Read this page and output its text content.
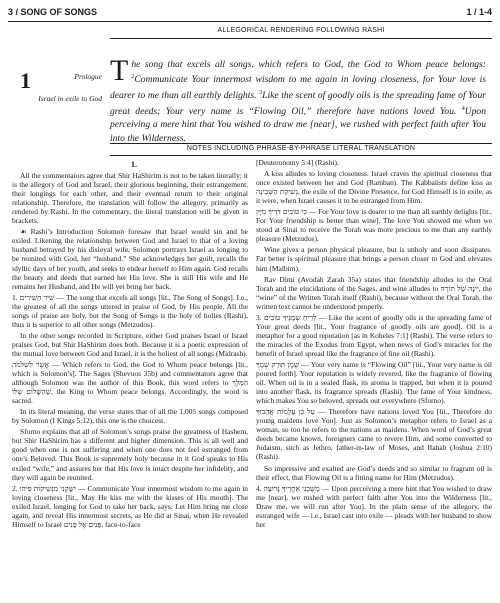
3 / SONG OF SONGS	1 / 1-4
ALLEGORICAL RENDERING FOLLOWING RASHI
1	Prologue
Israel in exile to God
The song that excels all songs, which refers to God, the God to Whom peace belongs: $^2$Communicate Your innermost wisdom to me again in loving closeness, for Your love is dearer to me than all earthly delights. $^3$Like the scent of goodly oils is the spreading fame of Your great deeds; Your very name is “Flowing Oil,” therefore have nations loved You. $^4$Upon perceiving a mere hint that You wished to draw me [near], we rushed with perfect faith after You into the Wilderness.
NOTES INCLUDING PHRASE-BY-PHRASE LITERAL TRANSLATION

1.

All the commentators agree that Shir HaShirim is not to be taken literally; it is the allegory of God and Israel, their glorious beginning, their estrangement, their longings for each other, and their eventual return to their original relationship. Therefore, the translation will follow the allegory, primarily as rendered by Rashi. In the commentary, the literal translation will be given in brackets.

☙ Rashi’s Introduction Solomon foresaw that Israel would sin and be exiled. Likening the relationship between God and Israel to that of a loving husband betrayed by his disloyal wife, Solomon portrays Israel as longing to be reunited with God, her “husband.” She acknowledges her guilt, recalls the idyllic days of her youth, and seeks to endear herself to Him again. God recalls the beauty and deeds that earned her His love. She is still His wife and He remains her Husband, and He will yet bring her back.

1. שִׁיר הַשִּׁירִים — The song that excels all songs [lit., The Song of Songs]. I.e., the greatest of all the songs uttered in praise of God, by His people. All the songs of praise are holy, but the Song of Songs is the holy of holies (Rashi), thus it is superior to all other songs (Metzudos).

In the other songs recorded in Scripture, either God praises Israel or Israel praises God, but Shir HaShirim does both. Because it is a poetic expression of the mutual love between God and Israel, it is the holiest of all songs (Midrash).

אֲשֶׁר לִשְׁלֹמֹה — Which refers to God, the God to Whom peace belongs [lit., which is Solomon’s]. The Sages (Shevuos 35b) and commentators agree that although Solomon was the author of this Book, this word refers to הַמֶּלֶךְ שֶׁהַשָּׁלוֹם שֶׁלּוֹ, the King to Whom peace belongs. Accordingly, the word is sacred.

In its literal meaning, the verse states that of all the 1,005 songs composed by Solomon (I Kings 5:12), this one is the choicest.

Sforno explains that all of Solomon’s songs praise the greatness of Hashem, but Shir HaShirim has a different and higher dimension. This is all well and good when one is not suffering and when one does not feel estranged from one’s Beloved. This Book is supremely holy because in it God speaks to His exiled “wife,” and assures her that His love is intact despite her infidelity, and they will again be reunited.

2. יִשָּׁקֵנִי מִנְּשִׁיקוֹת פִּיהוּ — Communicate Your innermost wisdom to me again in loving closeness [lit., May He kiss me with the kisses of His mouth]. The exiled Israel, longing for God to take her back, says: Let Him bring me close again, and reveal His innermost secrets, as He did at Sinai, when He revealed Himself to Israel פָּנִים אֶל פָּנִים, face-to-face

[Deuteronomy 5:4] (Rashi).

A kiss alludes to loving closeness. Israel craves the spiritual closeness that once existed between her and God (Ramban). The Kabbalists define kiss as נְשִׁיקַת הַשְּׁכִינָה, the exile of the Divine Presence, for God Himself is in exile, as it were, when Israel causes it to be estranged from Him.

כִּי טוֹבִים דֹּדֶיךָ מִיָּיִן — For Your love is dearer to me than all earthly delights [lit., For Your friendship is better than wine]. The love You showed me when we stood at Sinai to receive the Torah was more precious to me than any earthly pleasure (Metzudos).

Wine gives a person physical pleasure, but is unholy and soon dissipates. Far better is spiritual pleasure that brings a person closer to God and elevates him (Malbim).

Rav Dimi (Avodah Zarah 35a) states that friendship alludes to the Oral Torah and the elucidations of the Sages, and wine alludes to יֵינָהּ שֶׁל תּוֹרָה, the “wine” of the Written Torah itself (Rashi), because without the Oral Torah, the written text cannot be understood properly.

3. לְרֵיחַ שְׁמָנֶיךָ טוֹבִים — Like the scent of goodly oils is the spreading fame of Your great deeds [lit., Your fragrance of goodly oils are good]. Oil is a metaphor for a good reputation [as in Koheles 7:1] (Rashi). The verse refers to the miracles of the Exodus from Egypt, when news of God’s miracles for the benefit of Israel spread like the fragrance of fine oil (Rashi).

שֶׁמֶן תּוּרַק שְׁמֶךָ — Your very name is “Flowing Oil” [lit., Your very name is oil poured forth]. Your reputation is widely revered, like the fragrance of flowing oil. When oil is in a sealed flask, its aroma is trapped, but when it is poured into another flask, its fragrance spreads (Rashi). The fame of Your kindness, which makes You so beloved, spreads out everywhere (Sforno).

עַל כֵּן עֲלָמוֹת אֲהֵבוּךָ — Therefore have nations loved You [lit., Therefore do young maidens love You]. Just as Solomon’s metaphor refers to Israel as a woman, so too he refers to the nations as maidens. When word of God’s great deeds became known, foreigners came to revere Him, and some converted to Judaism, such as Jethro, father-in-law of Moses, and Rahab (Joshua 2:10) (Rashi).

So impressive and exalted are God’s deeds and so similar to fragrant oil is their effect, that Flowing Oil is a fitting name for Him (Metzudos).

4. מָשְׁכֵנִי אַחֲרֶיךָ נָּרוּצָה — Upon perceiving a mere hint that You wished to draw me [near], we rushed with perfect faith after You into the Wilderness [lit., Draw me, we will run after You]. In the plain sense of the allegory, the estranged wife — i.e., Israel cast into exile — pleads with her husband to show her
